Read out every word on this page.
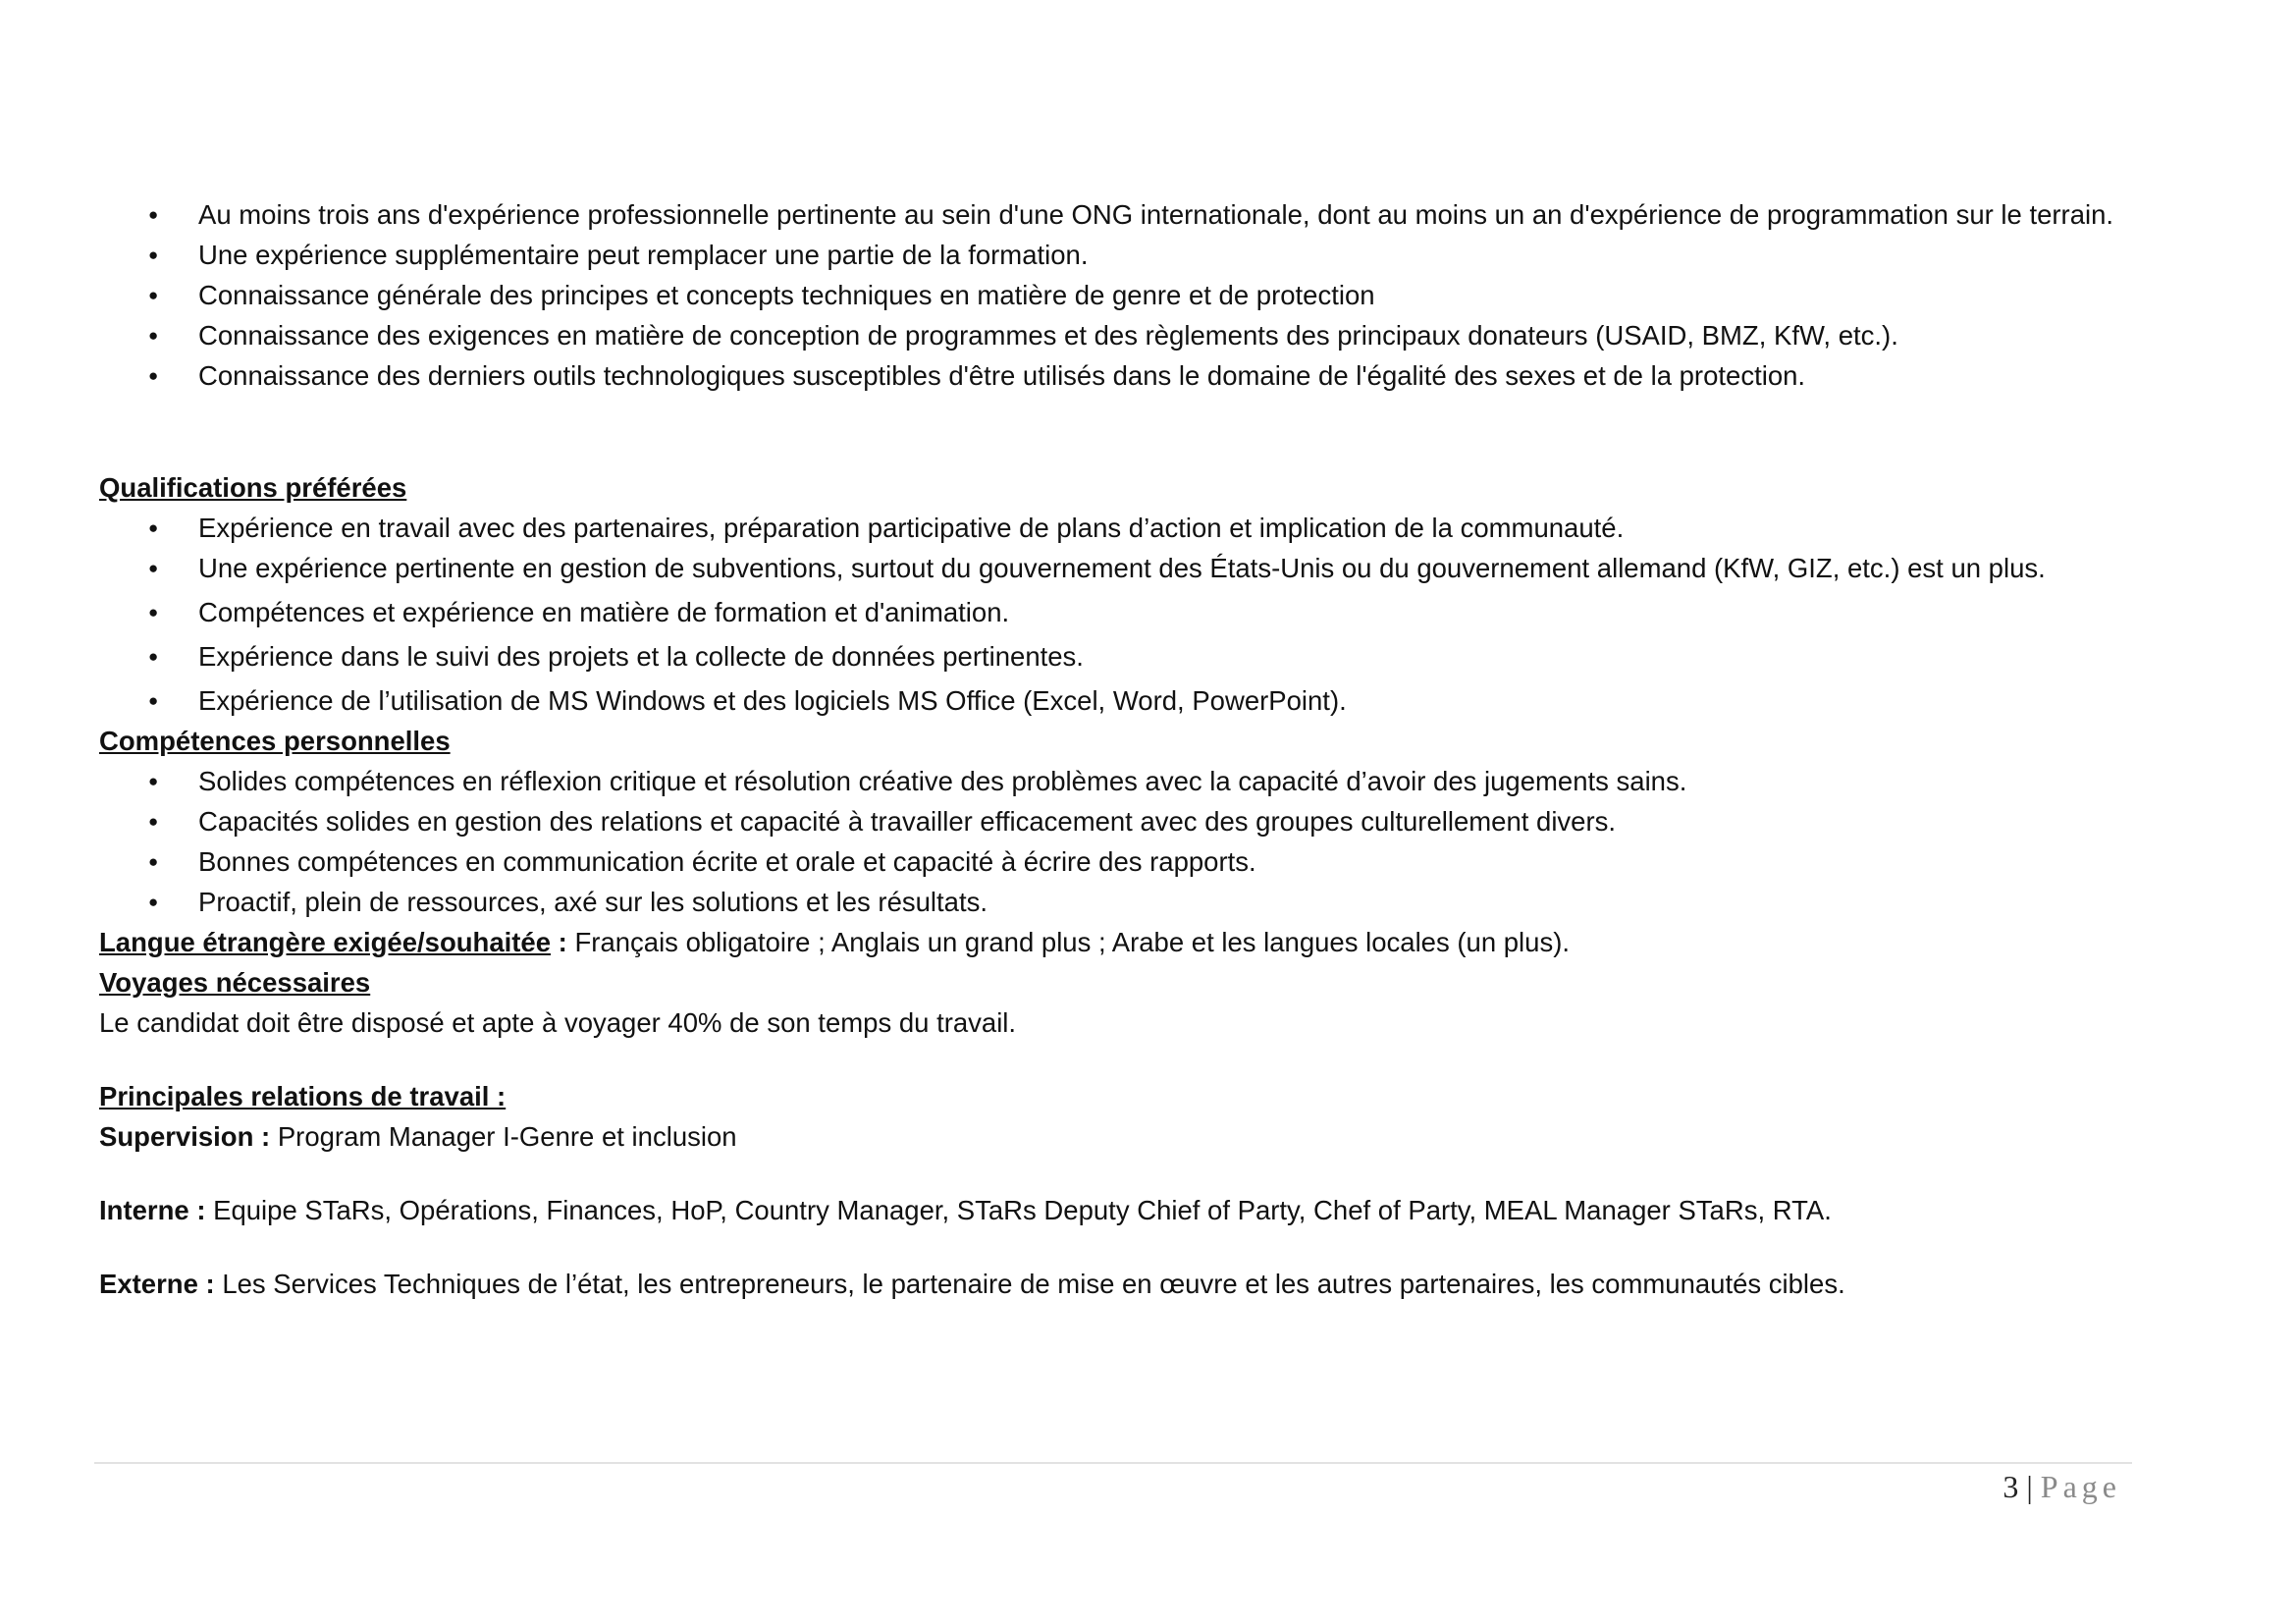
● Au moins trois ans d'expérience professionnelle pertinente au sein d'une ONG internationale, dont au moins un an d'expérience de programmation sur le terrain.
● Une expérience supplémentaire peut remplacer une partie de la formation.
● Connaissance générale des principes et concepts techniques en matière de genre et de protection
● Connaissance des exigences en matière de conception de programmes et des règlements des principaux donateurs (USAID, BMZ, KfW, etc.).
● Connaissance des derniers outils technologiques susceptibles d'être utilisés dans le domaine de l'égalité des sexes et de la protection.
Qualifications préférées
● Expérience en travail avec des partenaires, préparation participative de plans d’action et implication de la communauté.
● Une expérience pertinente en gestion de subventions, surtout du gouvernement des États-Unis ou du gouvernement allemand (KfW, GIZ, etc.) est un plus.
● Compétences et expérience en matière de formation et d'animation.
● Expérience dans le suivi des projets et la collecte de données pertinentes.
● Expérience de l’utilisation de MS Windows et des logiciels MS Office (Excel, Word, PowerPoint).
Compétences personnelles
● Solides compétences en réflexion critique et résolution créative des problèmes avec la capacité d’avoir des jugements sains.
● Capacités solides en gestion des relations et capacité à travailler efficacement avec des groupes culturellement divers.
● Bonnes compétences en communication écrite et orale et capacité à écrire des rapports.
● Proactif, plein de ressources, axé sur les solutions et les résultats.
Langue étrangère exigée/souhaitée : Français obligatoire ; Anglais un grand plus ; Arabe et les langues locales (un plus).
Voyages nécessaires
Le candidat doit être disposé et apte à voyager 40% de son temps du travail.
Principales relations de travail :
Supervision : Program Manager I-Genre et inclusion
Interne : Equipe STaRs, Opérations, Finances, HoP, Country Manager, STaRs Deputy Chief of Party, Chef of Party, MEAL Manager STaRs, RTA.
Externe : Les Services Techniques de l’état, les entrepreneurs, le partenaire de mise en œuvre et les autres partenaires, les communautés cibles.
3 | Page
